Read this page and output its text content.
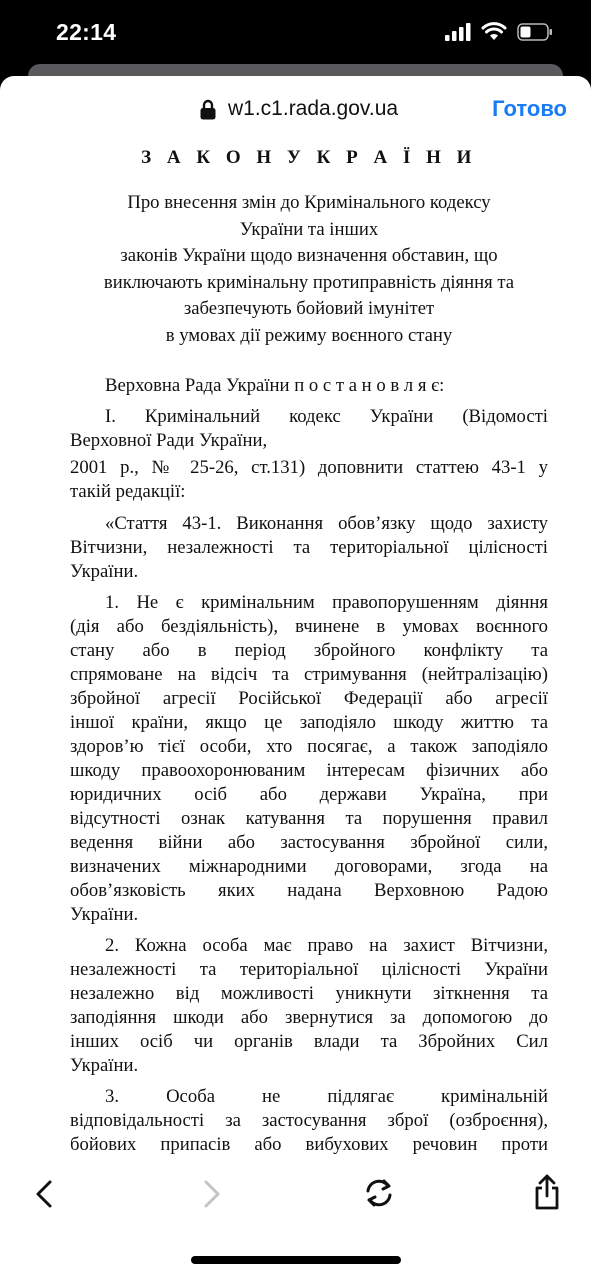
22:14
w1.c1.rada.gov.ua	Готово
З А К О Н У К Р А Ї Н И
Про внесення змін до Кримінального кодексу
України та інших
законів України щодо визначення обставин, що
виключають кримінальну протиправність діяння та
забезпечують бойовий імунітет
в умовах дії режиму воєнного стану
Верховна Рада України п о с т а н о в л я є:
I. Кримінальний кодекс України (Відомості
Верховної Ради України,
2001 р., № 25-26, ст.131) доповнити статтею 43-1 у
такій редакції:
«Стаття 43-1. Виконання обов’язку щодо захисту
Вітчизни, незалежності та територіальної цілісності
України.
1. Не є кримінальним правопорушенням діяння
(дія або бездіяльність), вчинене в умовах воєнного
стану або в період збройного конфлікту та
спрямоване на відсіч та стримування (нейтралізацію)
збройної агресії Російської Федерації або агресії
іншої країни, якщо це заподіяло шкоду життю та
здоров’ю тієї особи, хто посягає, а також заподіяло
шкоду правоохоронюваним інтересам фізичних або
юридичних осіб або держави Україна, при
відсутності ознак катування та порушення правил
ведення війни або застосування збройної сили,
визначених міжнародними договорами, згода на
обов’язковість яких надана Верховною Радою
України.
2. Кожна особа має право на захист Вітчизни,
незалежності та територіальної цілісності України
незалежно від можливості уникнути зіткнення та
заподіяння шкоди або звернутися за допомогою до
інших осіб чи органів влади та Збройних Сил
України.
3. Особа не підлягає кримінальній
відповідальності за застосування зброї (озброєння),
бойових припасів або вибухових речовин проти
